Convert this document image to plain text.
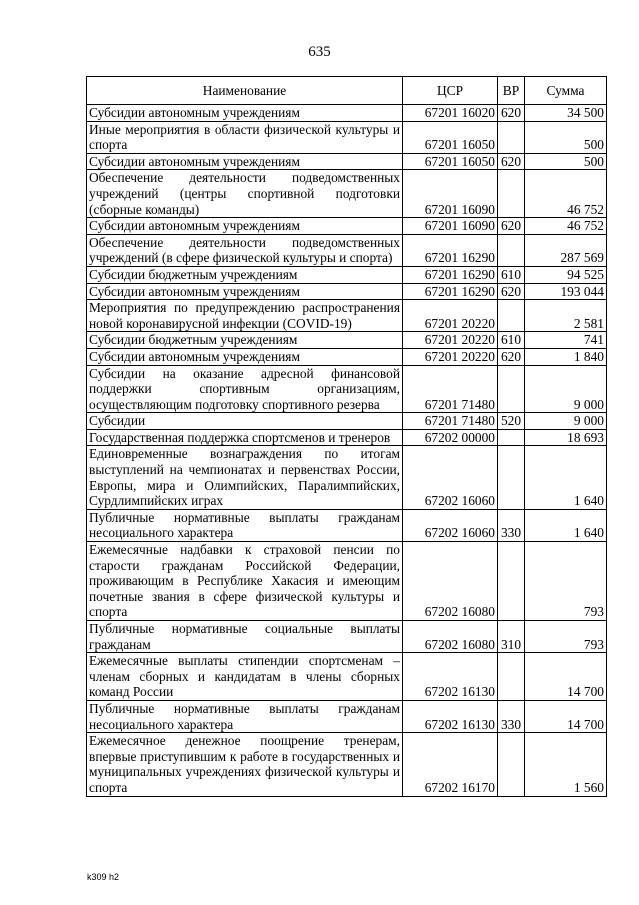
635
Наименование	ЦСР	ВР	Сумма
Субсидии автономным учреждениям	67201 16020	620	34 500
Иные мероприятия в области физической культуры и спорта	67201 16050		500
Субсидии автономным учреждениям	67201 16050	620	500
Обеспечение деятельности подведомственных учреждений (центры спортивной подготовки (сборные команды)	67201 16090		46 752
Субсидии автономным учреждениям	67201 16090	620	46 752
Обеспечение деятельности подведомственных учреждений (в сфере физической культуры и спорта)	67201 16290		287 569
Субсидии бюджетным учреждениям	67201 16290	610	94 525
Субсидии автономным учреждениям	67201 16290	620	193 044
Мероприятия по предупреждению распространения новой коронавирусной инфекции (COVID-19)	67201 20220		2 581
Субсидии бюджетным учреждениям	67201 20220	610	741
Субсидии автономным учреждениям	67201 20220	620	1 840
Субсидии на оказание адресной финансовой поддержки спортивным организациям, осуществляющим подготовку спортивного резерва	67201 71480		9 000
Субсидии	67201 71480	520	9 000
Государственная поддержка спортсменов и тренеров	67202 00000		18 693
Единовременные вознаграждения по итогам выступлений на чемпионатах и первенствах России, Европы, мира и Олимпийских, Паралимпийских, Сурдлимпийских играх	67202 16060		1 640
Публичные нормативные выплаты гражданам несоциального характера	67202 16060	330	1 640
Ежемесячные надбавки к страховой пенсии по старости гражданам Российской Федерации, проживающим в Республике Хакасия и имеющим почетные звания в сфере физической культуры и спорта	67202 16080		793
Публичные нормативные социальные выплаты гражданам	67202 16080	310	793
Ежемесячные выплаты стипендии спортсменам – членам сборных и кандидатам в члены сборных команд России	67202 16130		14 700
Публичные нормативные выплаты гражданам несоциального характера	67202 16130	330	14 700
Ежемесячное денежное поощрение тренерам, впервые приступившим к работе в государственных и муниципальных учреждениях физической культуры и спорта	67202 16170		1 560
k309 h2
